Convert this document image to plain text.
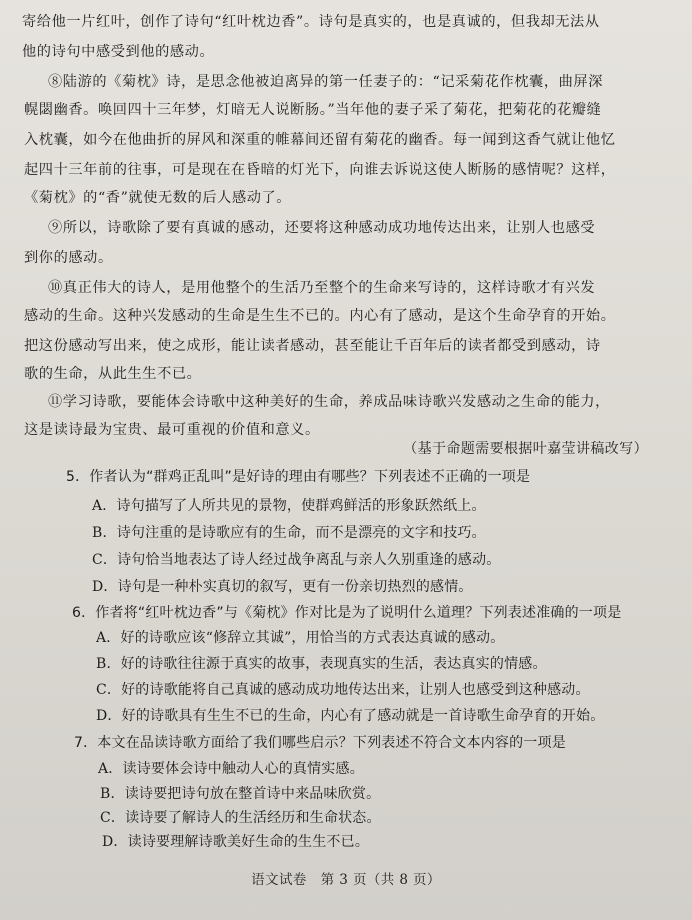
寄给他一片红叶，创作了诗句“红叶枕边香”。诗句是真实的，也是真诚的，但我却无法从

他的诗句中感受到他的感动。

⑧陆游的《菊枕》诗，是思念他被迫离异的第一任妻子的：“记采菊花作枕囊，曲屏深

幌閟幽香。唤回四十三年梦，灯暗无人说断肠。”当年他的妻子采了菊花，把菊花的花瓣缝

入枕囊，如今在他曲折的屏风和深重的帷幕间还留有菊花的幽香。每一闻到这香气就让他忆

起四十三年前的往事，可是现在在昏暗的灯光下，向谁去诉说这使人断肠的感情呢？这样，

《菊枕》的“香”就使无数的后人感动了。

⑨所以，诗歌除了要有真诚的感动，还要将这种感动成功地传达出来，让别人也感受

到你的感动。

⑩真正伟大的诗人，是用他整个的生活乃至整个的生命来写诗的，这样诗歌才有兴发

感动的生命。这种兴发感动的生命是生生不已的。内心有了感动，是这个生命孕育的开始。

把这份感动写出来，使之成形，能让读者感动，甚至能让千百年后的读者都受到感动，诗

歌的生命，从此生生不已。

⑪学习诗歌，要能体会诗歌中这种美好的生命，养成品味诗歌兴发感动之生命的能力，

这是读诗最为宝贵、最可重视的价值和意义。

（基于命题需要根据叶嘉莹讲稿改写）
5．作者认为“群鸡正乱叫”是好诗的理由有哪些？下列表述不正确的一项是
A．诗句描写了人所共见的景物，使群鸡鲜活的形象跃然纸上。
B．诗句注重的是诗歌应有的生命，而不是漂亮的文字和技巧。
C．诗句恰当地表达了诗人经过战争离乱与亲人久别重逢的感动。
D．诗句是一种朴实真切的叙写，更有一份亲切热烈的感情。
6．作者将“红叶枕边香”与《菊枕》作对比是为了说明什么道理？下列表述准确的一项是
A．好的诗歌应该“修辞立其诚”，用恰当的方式表达真诚的感动。
B．好的诗歌往往源于真实的故事，表现真实的生活，表达真实的情感。
C．好的诗歌能将自己真诚的感动成功地传达出来，让别人也感受到这种感动。
D．好的诗歌具有生生不已的生命，内心有了感动就是一首诗歌生命孕育的开始。
7．本文在品读诗歌方面给了我们哪些启示？下列表述不符合文本内容的一项是
A．读诗要体会诗中触动人心的真情实感。
B．读诗要把诗句放在整首诗中来品味欣赏。
C．读诗要了解诗人的生活经历和生命状态。
D．读诗要理解诗歌美好生命的生生不已。
语文试卷　第 3 页（共 8 页）
